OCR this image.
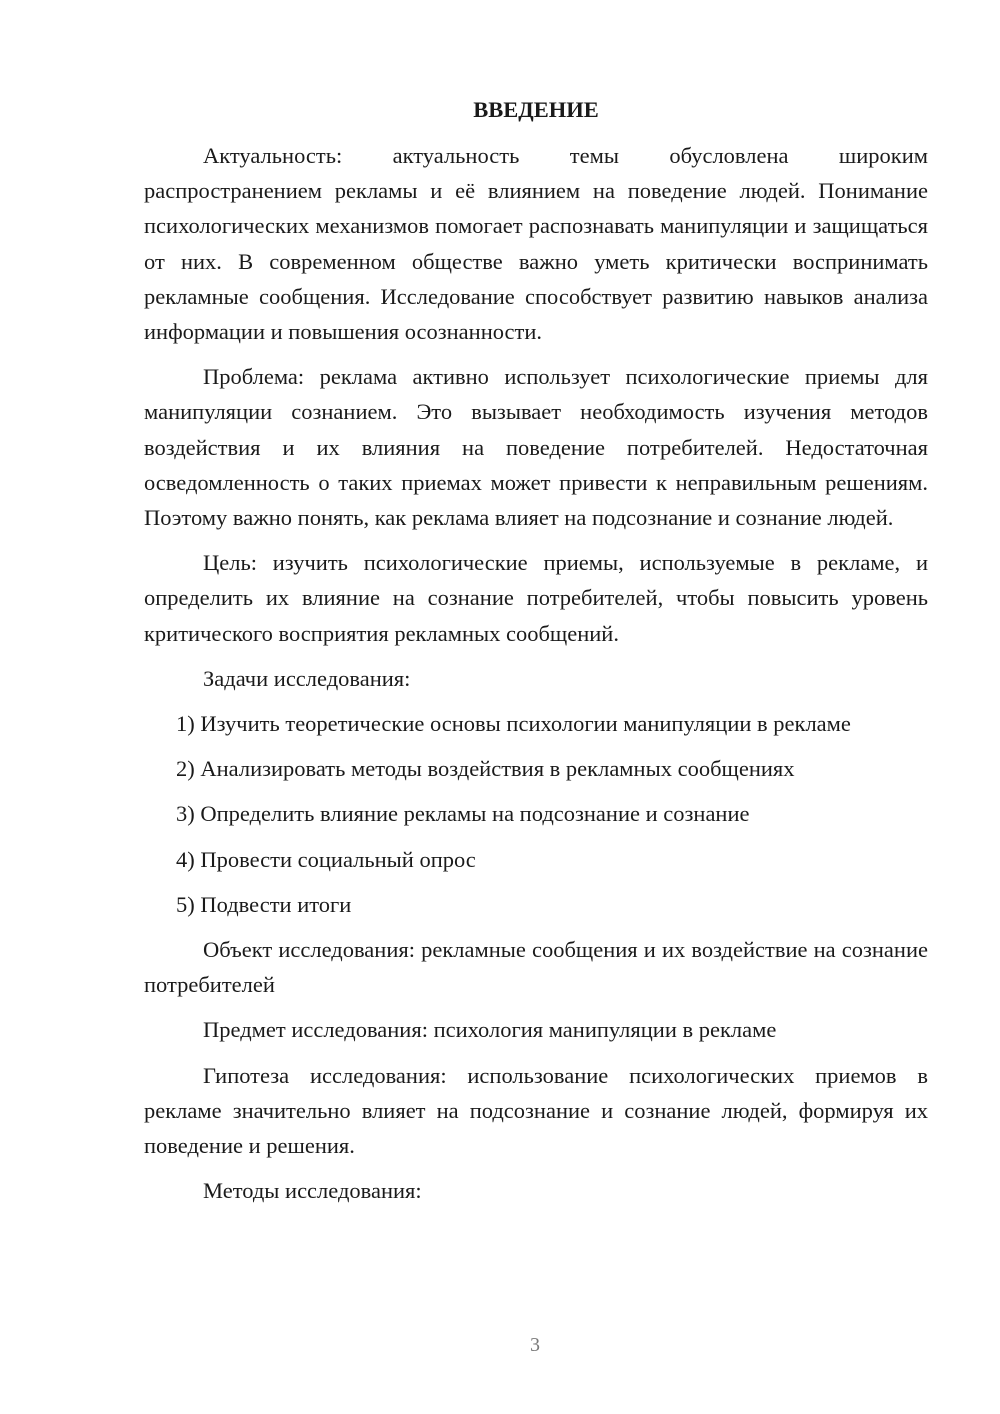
ВВЕДЕНИЕ
Актуальность: актуальность темы обусловлена широким распространением рекламы и её влиянием на поведение людей. Понимание психологических механизмов помогает распознавать манипуляции и защищаться от них. В современном обществе важно уметь критически воспринимать рекламные сообщения. Исследование способствует развитию навыков анализа информации и повышения осознанности.
Проблема: реклама активно использует психологические приемы для манипуляции сознанием. Это вызывает необходимость изучения методов воздействия и их влияния на поведение потребителей. Недостаточная осведомленность о таких приемах может привести к неправильным решениям. Поэтому важно понять, как реклама влияет на подсознание и сознание людей.
Цель: изучить психологические приемы, используемые в рекламе, и определить их влияние на сознание потребителей, чтобы повысить уровень критического восприятия рекламных сообщений.
Задачи исследования:
1) Изучить теоретические основы психологии манипуляции в рекламе
2) Анализировать методы воздействия в рекламных сообщениях
3) Определить влияние рекламы на подсознание и сознание
4) Провести социальный опрос
5) Подвести итоги
Объект исследования: рекламные сообщения и их воздействие на сознание потребителей
Предмет исследования: психология манипуляции в рекламе
Гипотеза исследования: использование психологических приемов в рекламе значительно влияет на подсознание и сознание людей, формируя их поведение и решения.
Методы исследования:
3
